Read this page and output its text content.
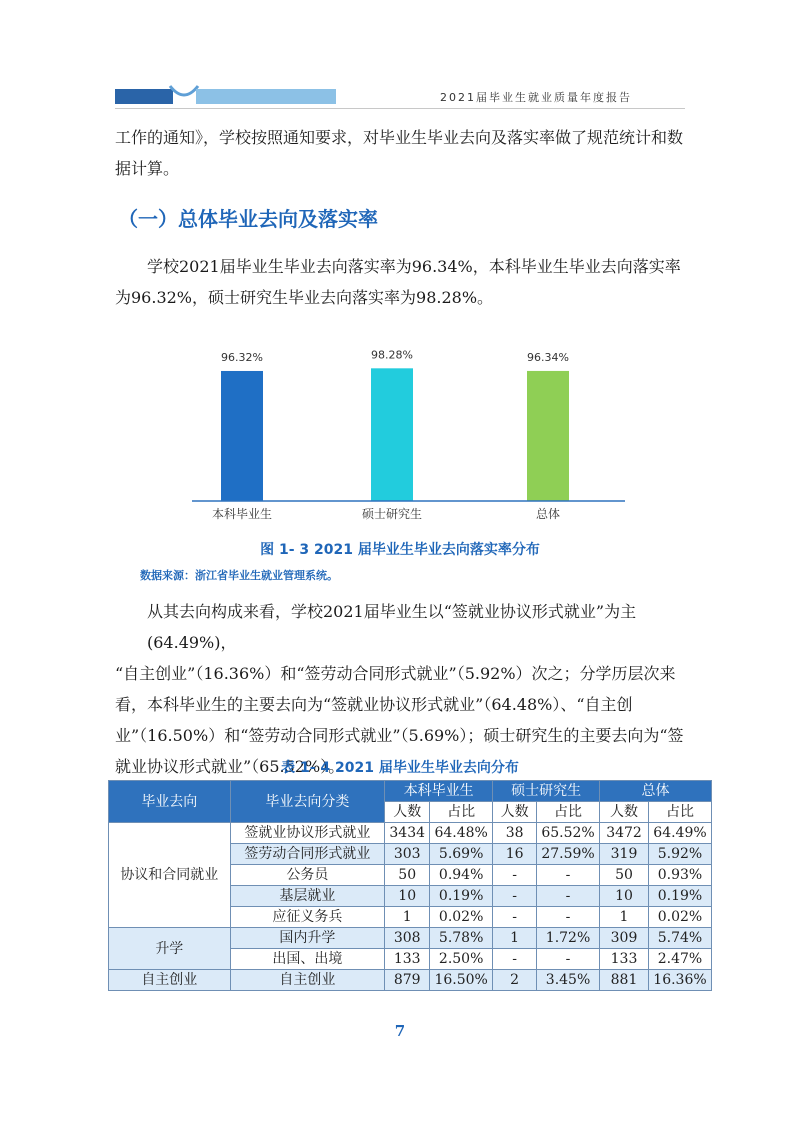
2021届毕业生就业质量年度报告
工作的通知》，学校按照通知要求，对毕业生毕业去向及落实率做了规范统计和数据计算。
（一）总体毕业去向及落实率
学校2021届毕业生毕业去向落实率为96.34%，本科毕业生毕业去向落实率为96.32%，硕士研究生毕业去向落实率为98.28%。
96.32%
本科毕业生
98.28%
硕士研究生
96.34%
总体
图 1- 3 2021 届毕业生毕业去向落实率分布
数据来源：浙江省毕业生就业管理系统。
从其去向构成来看，学校2021届毕业生以“签就业协议形式就业”为主(64.49%)，
“自主创业”（16.36%）和“签劳动合同形式就业”（5.92%）次之；分学历层次来看，本科毕业生的主要去向为“签就业协议形式就业”（64.48%）、“自主创业”（16.50%）和“签劳动合同形式就业”（5.69%）；硕士研究生的主要去向为“签就业协议形式就业”（65.52%）。
表 1- 4 2021 届毕业生毕业去向分布
毕业去向	毕业去向分类	本科毕业生		硕士研究生		总体	
		人数	占比	人数	占比	人数	占比
协议和合同就业	签就业协议形式就业	3434	64.48%	38	65.52%	3472	64.49%
	签劳动合同形式就业	303	5.69%	16	27.59%	319	5.92%
	公务员	50	0.94%	-	-	50	0.93%
	基层就业	10	0.19%	-	-	10	0.19%
	应征义务兵	1	0.02%	-	-	1	0.02%
升学	国内升学	308	5.78%	1	1.72%	309	5.74%
	出国、出境	133	2.50%	-	-	133	2.47%
自主创业	自主创业	879	16.50%	2	3.45%	881	16.36%
7
